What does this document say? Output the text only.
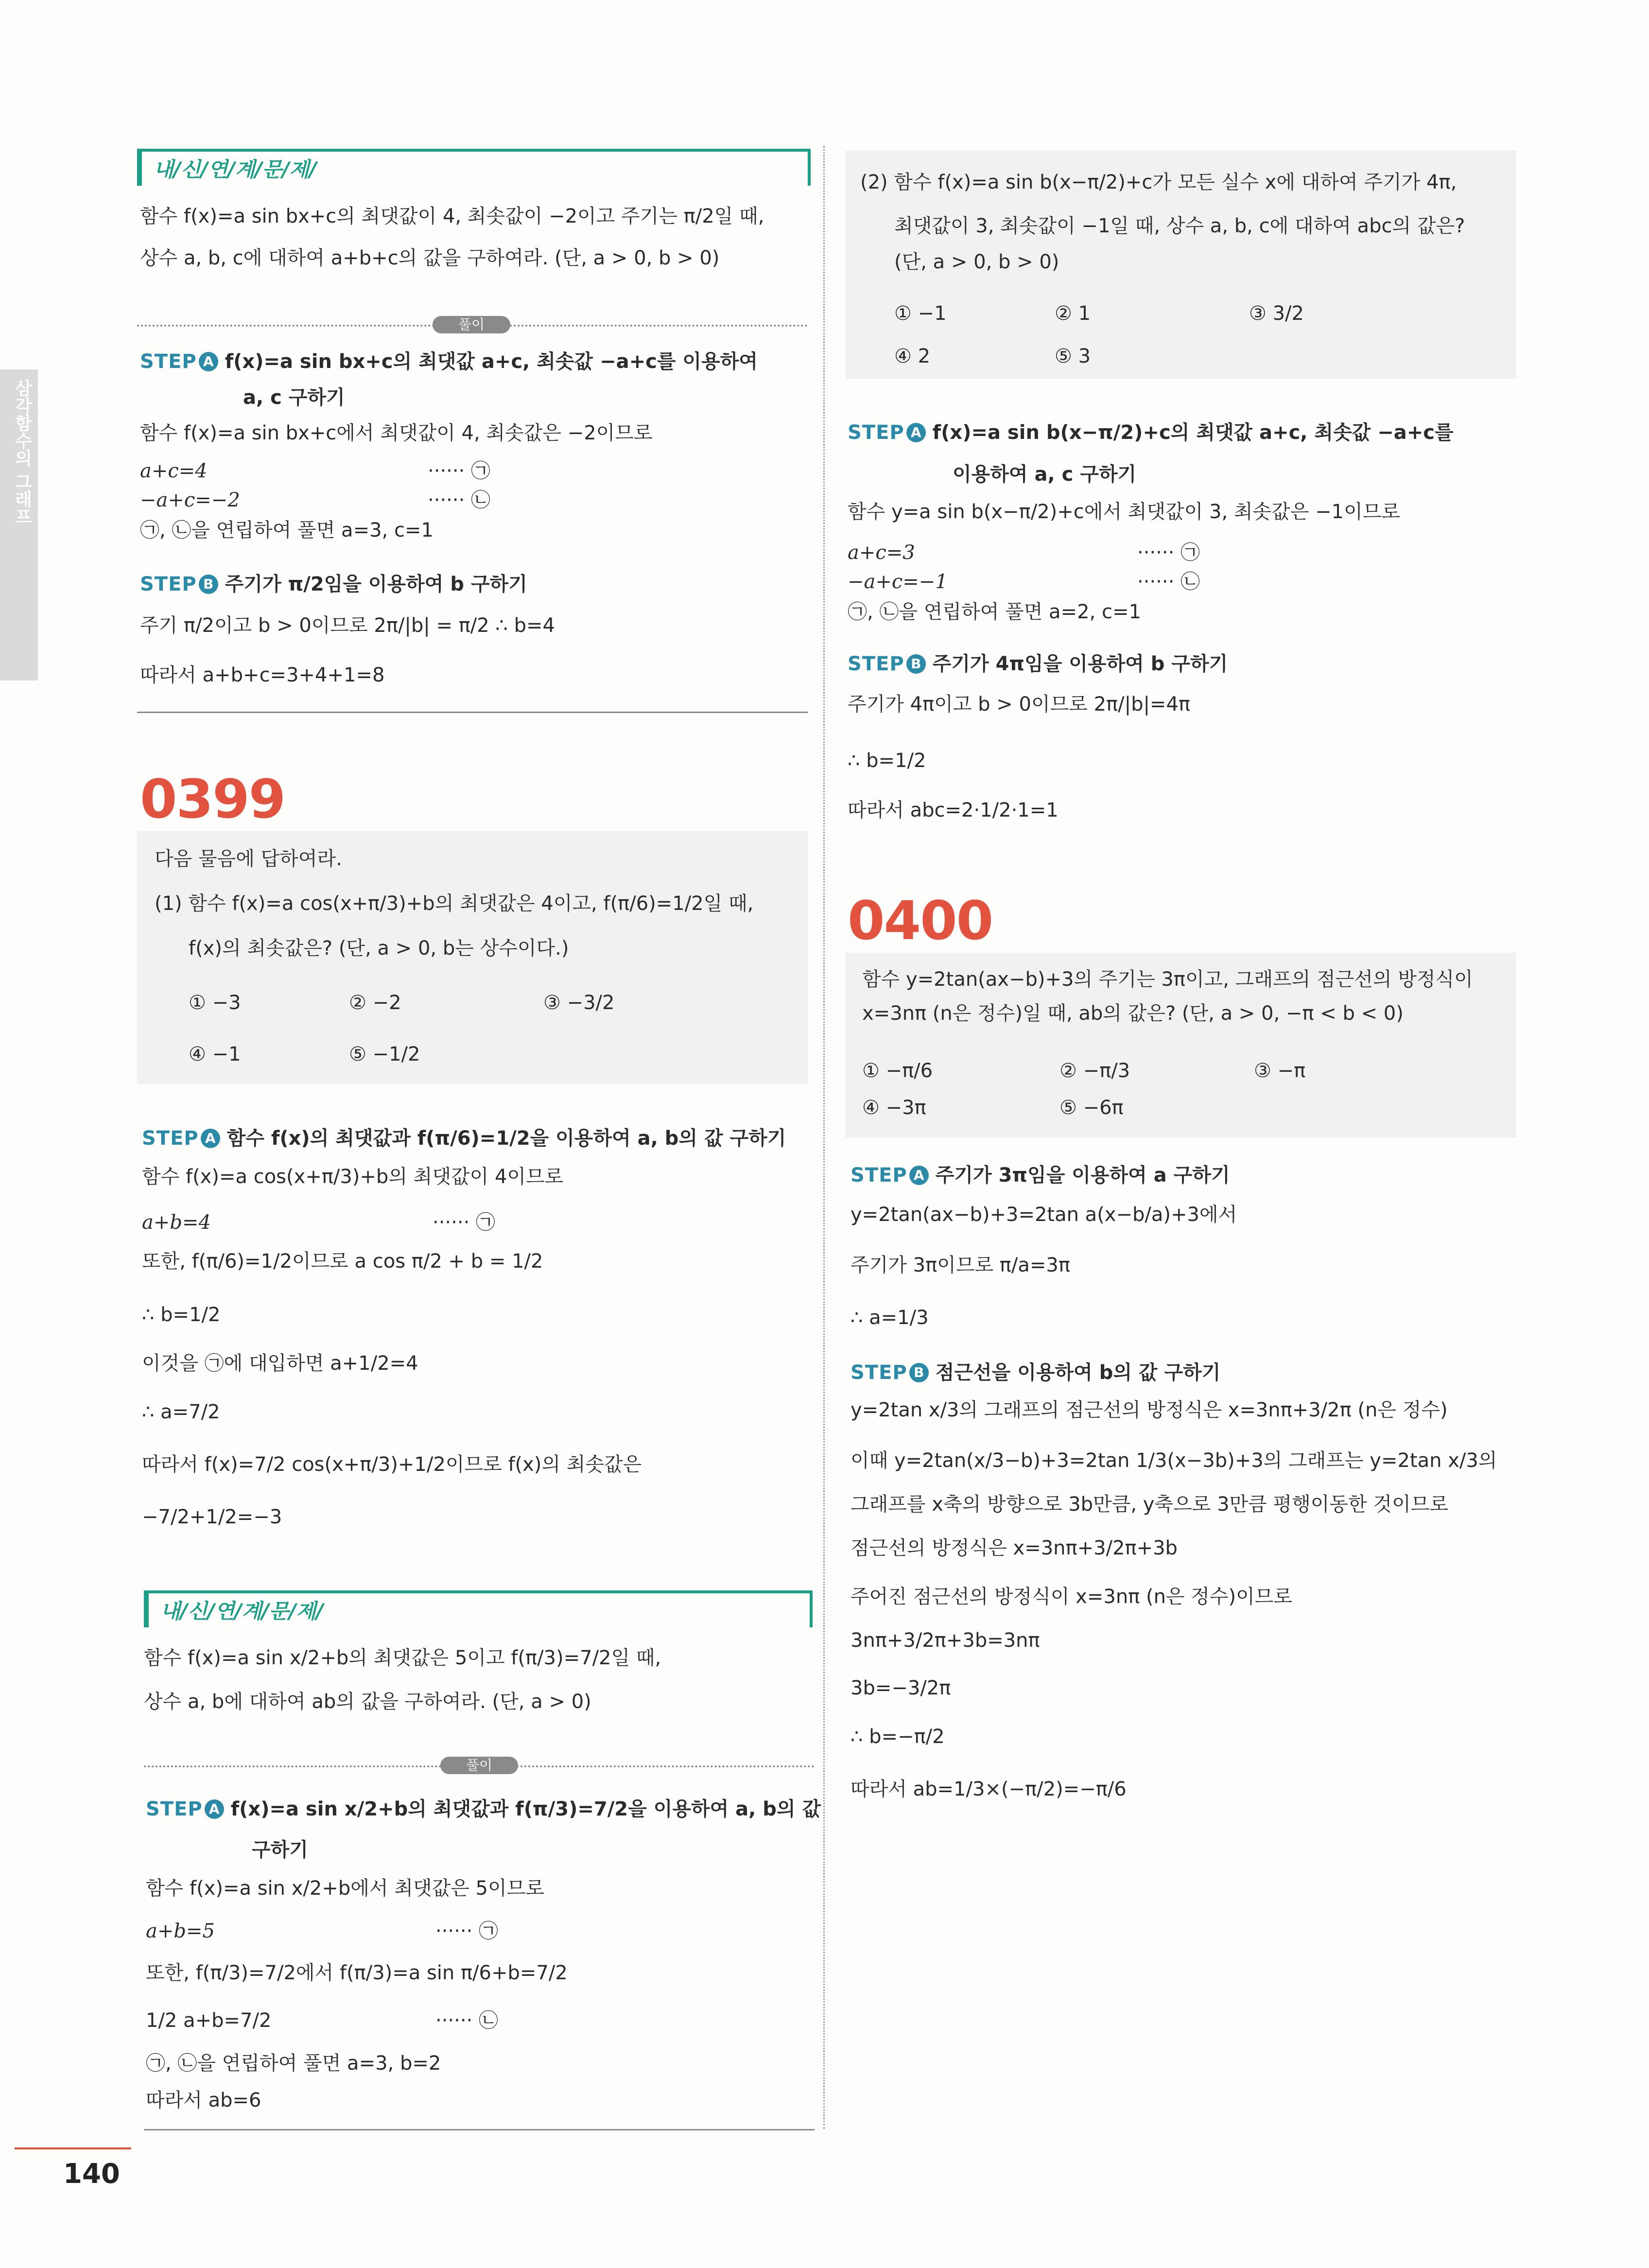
삼각함수의 그래프
내/신/연/계/문/제/
함수 f(x)=a sin bx+c의 최댓값이 4, 최솟값이 −2이고 주기는 π/2일 때,
상수 a, b, c에 대하여 a+b+c의 값을 구하여라. (단, a > 0, b > 0)
풀이
STEP A f(x)=a sin bx+c의 최댓값 a+c, 최솟값 −a+c를 이용하여
a, c 구하기
함수 f(x)=a sin bx+c에서 최댓값이 4, 최솟값은 −2이므로
a+c=4	······ ㉠
−a+c=−2	······ ㉡
㉠, ㉡을 연립하여 풀면 a=3, c=1
STEP B 주기가 π/2임을 이용하여 b 구하기
주기 π/2이고 b > 0이므로 2π/|b| = π/2 ∴ b=4
따라서 a+b+c=3+4+1=8
0399
다음 물음에 답하여라.
(1) 함수 f(x)=a cos(x+π/3)+b의 최댓값은 4이고, f(π/6)=1/2일 때,
f(x)의 최솟값은? (단, a > 0, b는 상수이다.)
① −3	② −2	③ −3/2
④ −1	⑤ −1/2
STEP A 함수 f(x)의 최댓값과 f(π/6)=1/2을 이용하여 a, b의 값 구하기
함수 f(x)=a cos(x+π/3)+b의 최댓값이 4이므로
a+b=4	······ ㉠
또한, f(π/6)=1/2이므로 a cos π/2 + b = 1/2
∴ b=1/2
이것을 ㉠에 대입하면 a+1/2=4
∴ a=7/2
따라서 f(x)=7/2 cos(x+π/3)+1/2이므로 f(x)의 최솟값은
−7/2+1/2=−3
내/신/연/계/문/제/
함수 f(x)=a sin x/2+b의 최댓값은 5이고 f(π/3)=7/2일 때,
상수 a, b에 대하여 ab의 값을 구하여라. (단, a > 0)
풀이
STEP A f(x)=a sin x/2+b의 최댓값과 f(π/3)=7/2을 이용하여 a, b의 값
구하기
함수 f(x)=a sin x/2+b에서 최댓값은 5이므로
a+b=5	······ ㉠
또한, f(π/3)=7/2에서 f(π/3)=a sin π/6+b=7/2
1/2 a+b=7/2	······ ㉡
㉠, ㉡을 연립하여 풀면 a=3, b=2
따라서 ab=6
(2) 함수 f(x)=a sin b(x−π/2)+c가 모든 실수 x에 대하여 주기가 4π,
최댓값이 3, 최솟값이 −1일 때, 상수 a, b, c에 대하여 abc의 값은?
(단, a > 0, b > 0)
① −1	② 1	③ 3/2
④ 2	⑤ 3
STEP A f(x)=a sin b(x−π/2)+c의 최댓값 a+c, 최솟값 −a+c를
이용하여 a, c 구하기
함수 y=a sin b(x−π/2)+c에서 최댓값이 3, 최솟값은 −1이므로
a+c=3	······ ㉠
−a+c=−1	······ ㉡
㉠, ㉡을 연립하여 풀면 a=2, c=1
STEP B 주기가 4π임을 이용하여 b 구하기
주기가 4π이고 b > 0이므로 2π/|b|=4π
∴ b=1/2
따라서 abc=2·1/2·1=1
0400
함수 y=2tan(ax−b)+3의 주기는 3π이고, 그래프의 점근선의 방정식이
x=3nπ (n은 정수)일 때, ab의 값은? (단, a > 0, −π < b < 0)
① −π/6	② −π/3	③ −π
④ −3π	⑤ −6π
STEP A 주기가 3π임을 이용하여 a 구하기
y=2tan(ax−b)+3=2tan a(x−b/a)+3에서
주기가 3π이므로 π/a=3π
∴ a=1/3
STEP B 점근선을 이용하여 b의 값 구하기
y=2tan x/3의 그래프의 점근선의 방정식은 x=3nπ+3/2π (n은 정수)
이때 y=2tan(x/3−b)+3=2tan 1/3(x−3b)+3의 그래프는 y=2tan x/3의
그래프를 x축의 방향으로 3b만큼, y축으로 3만큼 평행이동한 것이므로
점근선의 방정식은 x=3nπ+3/2π+3b
주어진 점근선의 방정식이 x=3nπ (n은 정수)이므로
3nπ+3/2π+3b=3nπ
3b=−3/2π
∴ b=−π/2
따라서 ab=1/3×(−π/2)=−π/6
140
